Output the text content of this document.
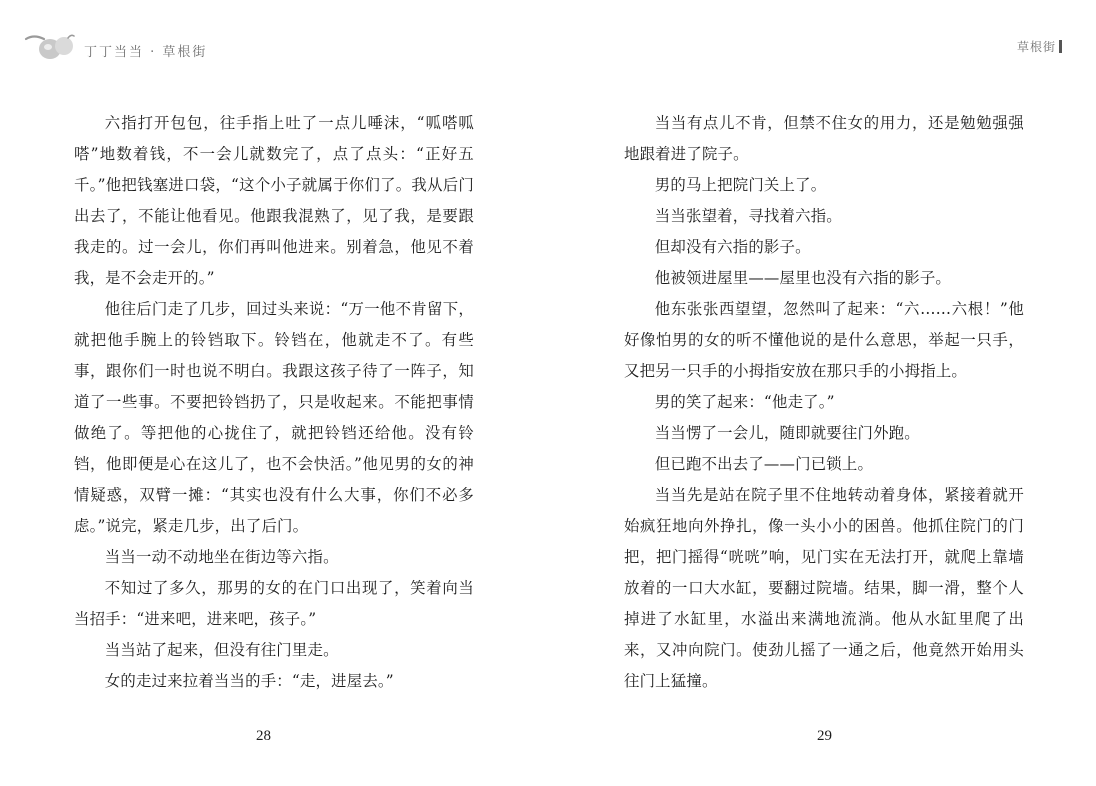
丁丁当当 · 草根街	草根街

六指打开包包，往手指上吐了一点儿唾沫，“呱嗒呱嗒”地数着钱，不一会儿就数完了，点了点头：“正好五千。”他把钱塞进口袋，“这个小子就属于你们了。我从后门出去了，不能让他看见。他跟我混熟了，见了我，是要跟我走的。过一会儿，你们再叫他进来。别着急，他见不着我，是不会走开的。”

他往后门走了几步，回过头来说：“万一他不肯留下，就把他手腕上的铃铛取下。铃铛在，他就走不了。有些事，跟你们一时也说不明白。我跟这孩子待了一阵子，知道了一些事。不要把铃铛扔了，只是收起来。不能把事情做绝了。等把他的心拢住了，就把铃铛还给他。没有铃铛，他即便是心在这儿了，也不会快活。”他见男的女的神情疑惑，双臂一摊：“其实也没有什么大事，你们不必多虑。”说完，紧走几步，出了后门。

当当一动不动地坐在街边等六指。

不知过了多久，那男的女的在门口出现了，笑着向当当招手：“进来吧，进来吧，孩子。”

当当站了起来，但没有往门里走。

女的走过来拉着当当的手：“走，进屋去。”

当当有点儿不肯，但禁不住女的用力，还是勉勉强强地跟着进了院子。

男的马上把院门关上了。

当当张望着，寻找着六指。

但却没有六指的影子。

他被领进屋里——屋里也没有六指的影子。

他东张张西望望，忽然叫了起来：“六……六根！”他好像怕男的女的听不懂他说的是什么意思，举起一只手，又把另一只手的小拇指安放在那只手的小拇指上。

男的笑了起来：“他走了。”

当当愣了一会儿，随即就要往门外跑。

但已跑不出去了——门已锁上。

当当先是站在院子里不住地转动着身体，紧接着就开始疯狂地向外挣扎，像一头小小的困兽。他抓住院门的门把，把门摇得“咣咣”响，见门实在无法打开，就爬上靠墙放着的一口大水缸，要翻过院墙。结果，脚一滑，整个人掉进了水缸里，水溢出来满地流淌。他从水缸里爬了出来，又冲向院门。使劲儿摇了一通之后，他竟然开始用头往门上猛撞。

28	29
